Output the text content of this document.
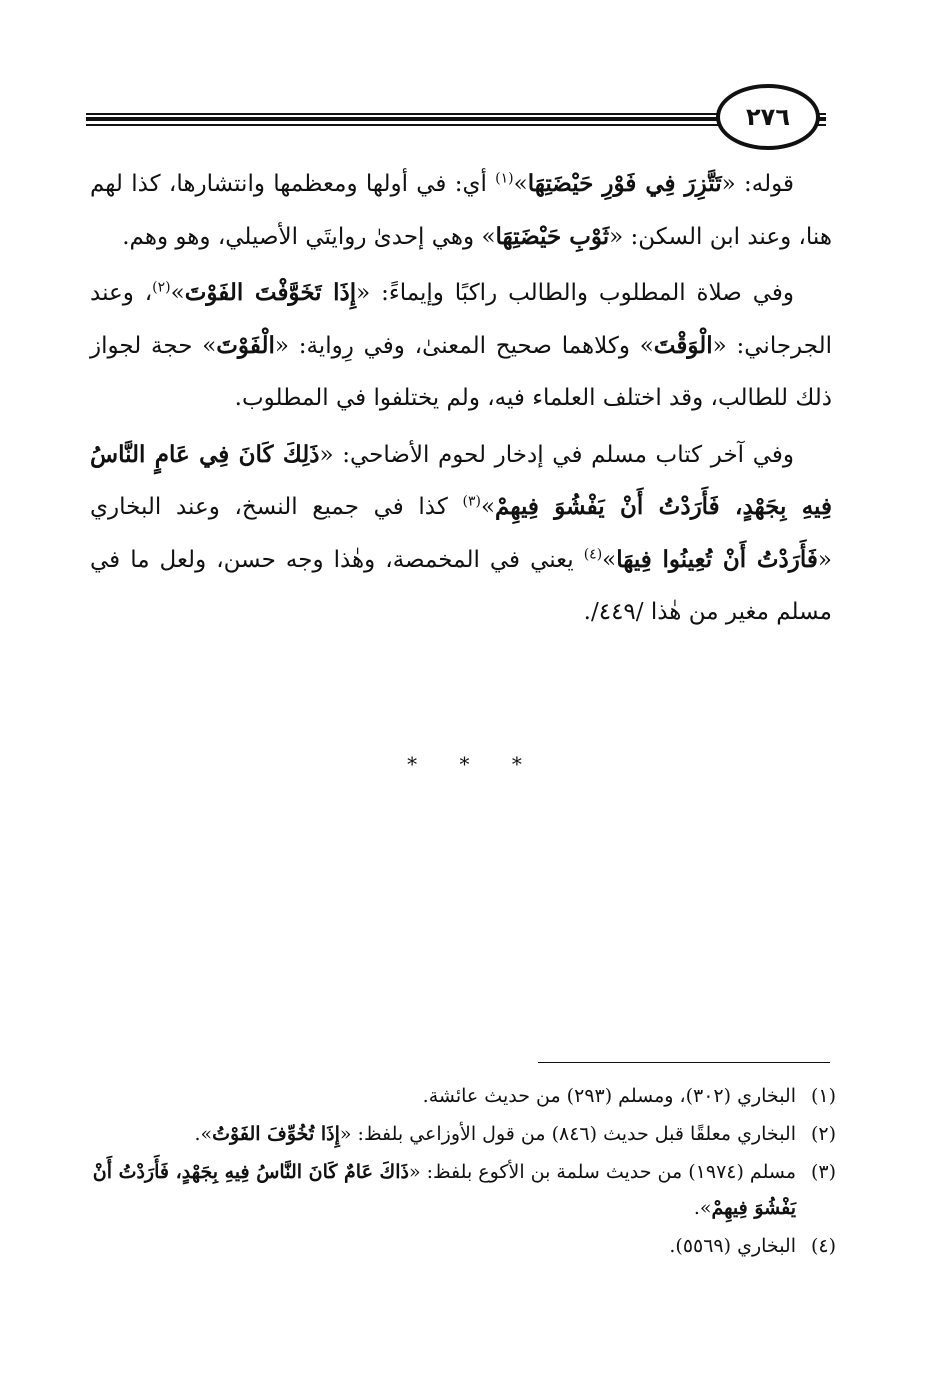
٢٧٦

قوله: «تَتَّزِرَ فِي فَوْرِ حَيْضَتِهَا»$^{(١)}$ أي: في أولها ومعظمها وانتشارها، كذا لهم هنا، وعند ابن السكن: «ثَوْبِ حَيْضَتِهَا» وهي إحدىٰ روايتَي الأصيلي، وهو وهم.

وفي صلاة المطلوب والطالب راكبًا وإيماءً: «إِذَا تَخَوَّفْتَ الفَوْتَ»$^{(٢)}$، وعند الجرجاني: «الْوَقْتَ» وكلاهما صحيح المعنىٰ، وفي رِواية: «الْفَوْتَ» حجة لجواز ذلك للطالب، وقد اختلف العلماء فيه، ولم يختلفوا في المطلوب.

وفي آخر كتاب مسلم في إدخار لحوم الأضاحي: «ذَلِكَ كَانَ فِي عَامٍ النَّاسُ فِيهِ بِجَهْدٍ، فَأَرَدْتُ أَنْ يَفْشُوَ فِيهِمْ»$^{(٣)}$ كذا في جميع النسخ، وعند البخاري «فَأَرَدْتُ أَنْ تُعِينُوا فِيهَا»$^{(٤)}$ يعني في المخمصة، وهٰذا وجه حسن، ولعل ما في مسلم مغير من هٰذا /٤٤٩/.

* * *
(١)
البخاري (٣٠٢)، ومسلم (٢٩٣) من حديث عائشة.
(٢)
البخاري معلقًا قبل حديث (٨٤٦) من قول الأوزاعي بلفظ: «إِذَا تُخُوِّفَ الفَوْتُ».
(٣)
مسلم (١٩٧٤) من حديث سلمة بن الأكوع بلفظ: «ذَاكَ عَامٌ كَانَ النَّاسُ فِيهِ بِجَهْدٍ، فَأَرَدْتُ أَنْ يَفْشُوَ فِيهِمْ».
(٤)
البخاري (٥٥٦٩).
